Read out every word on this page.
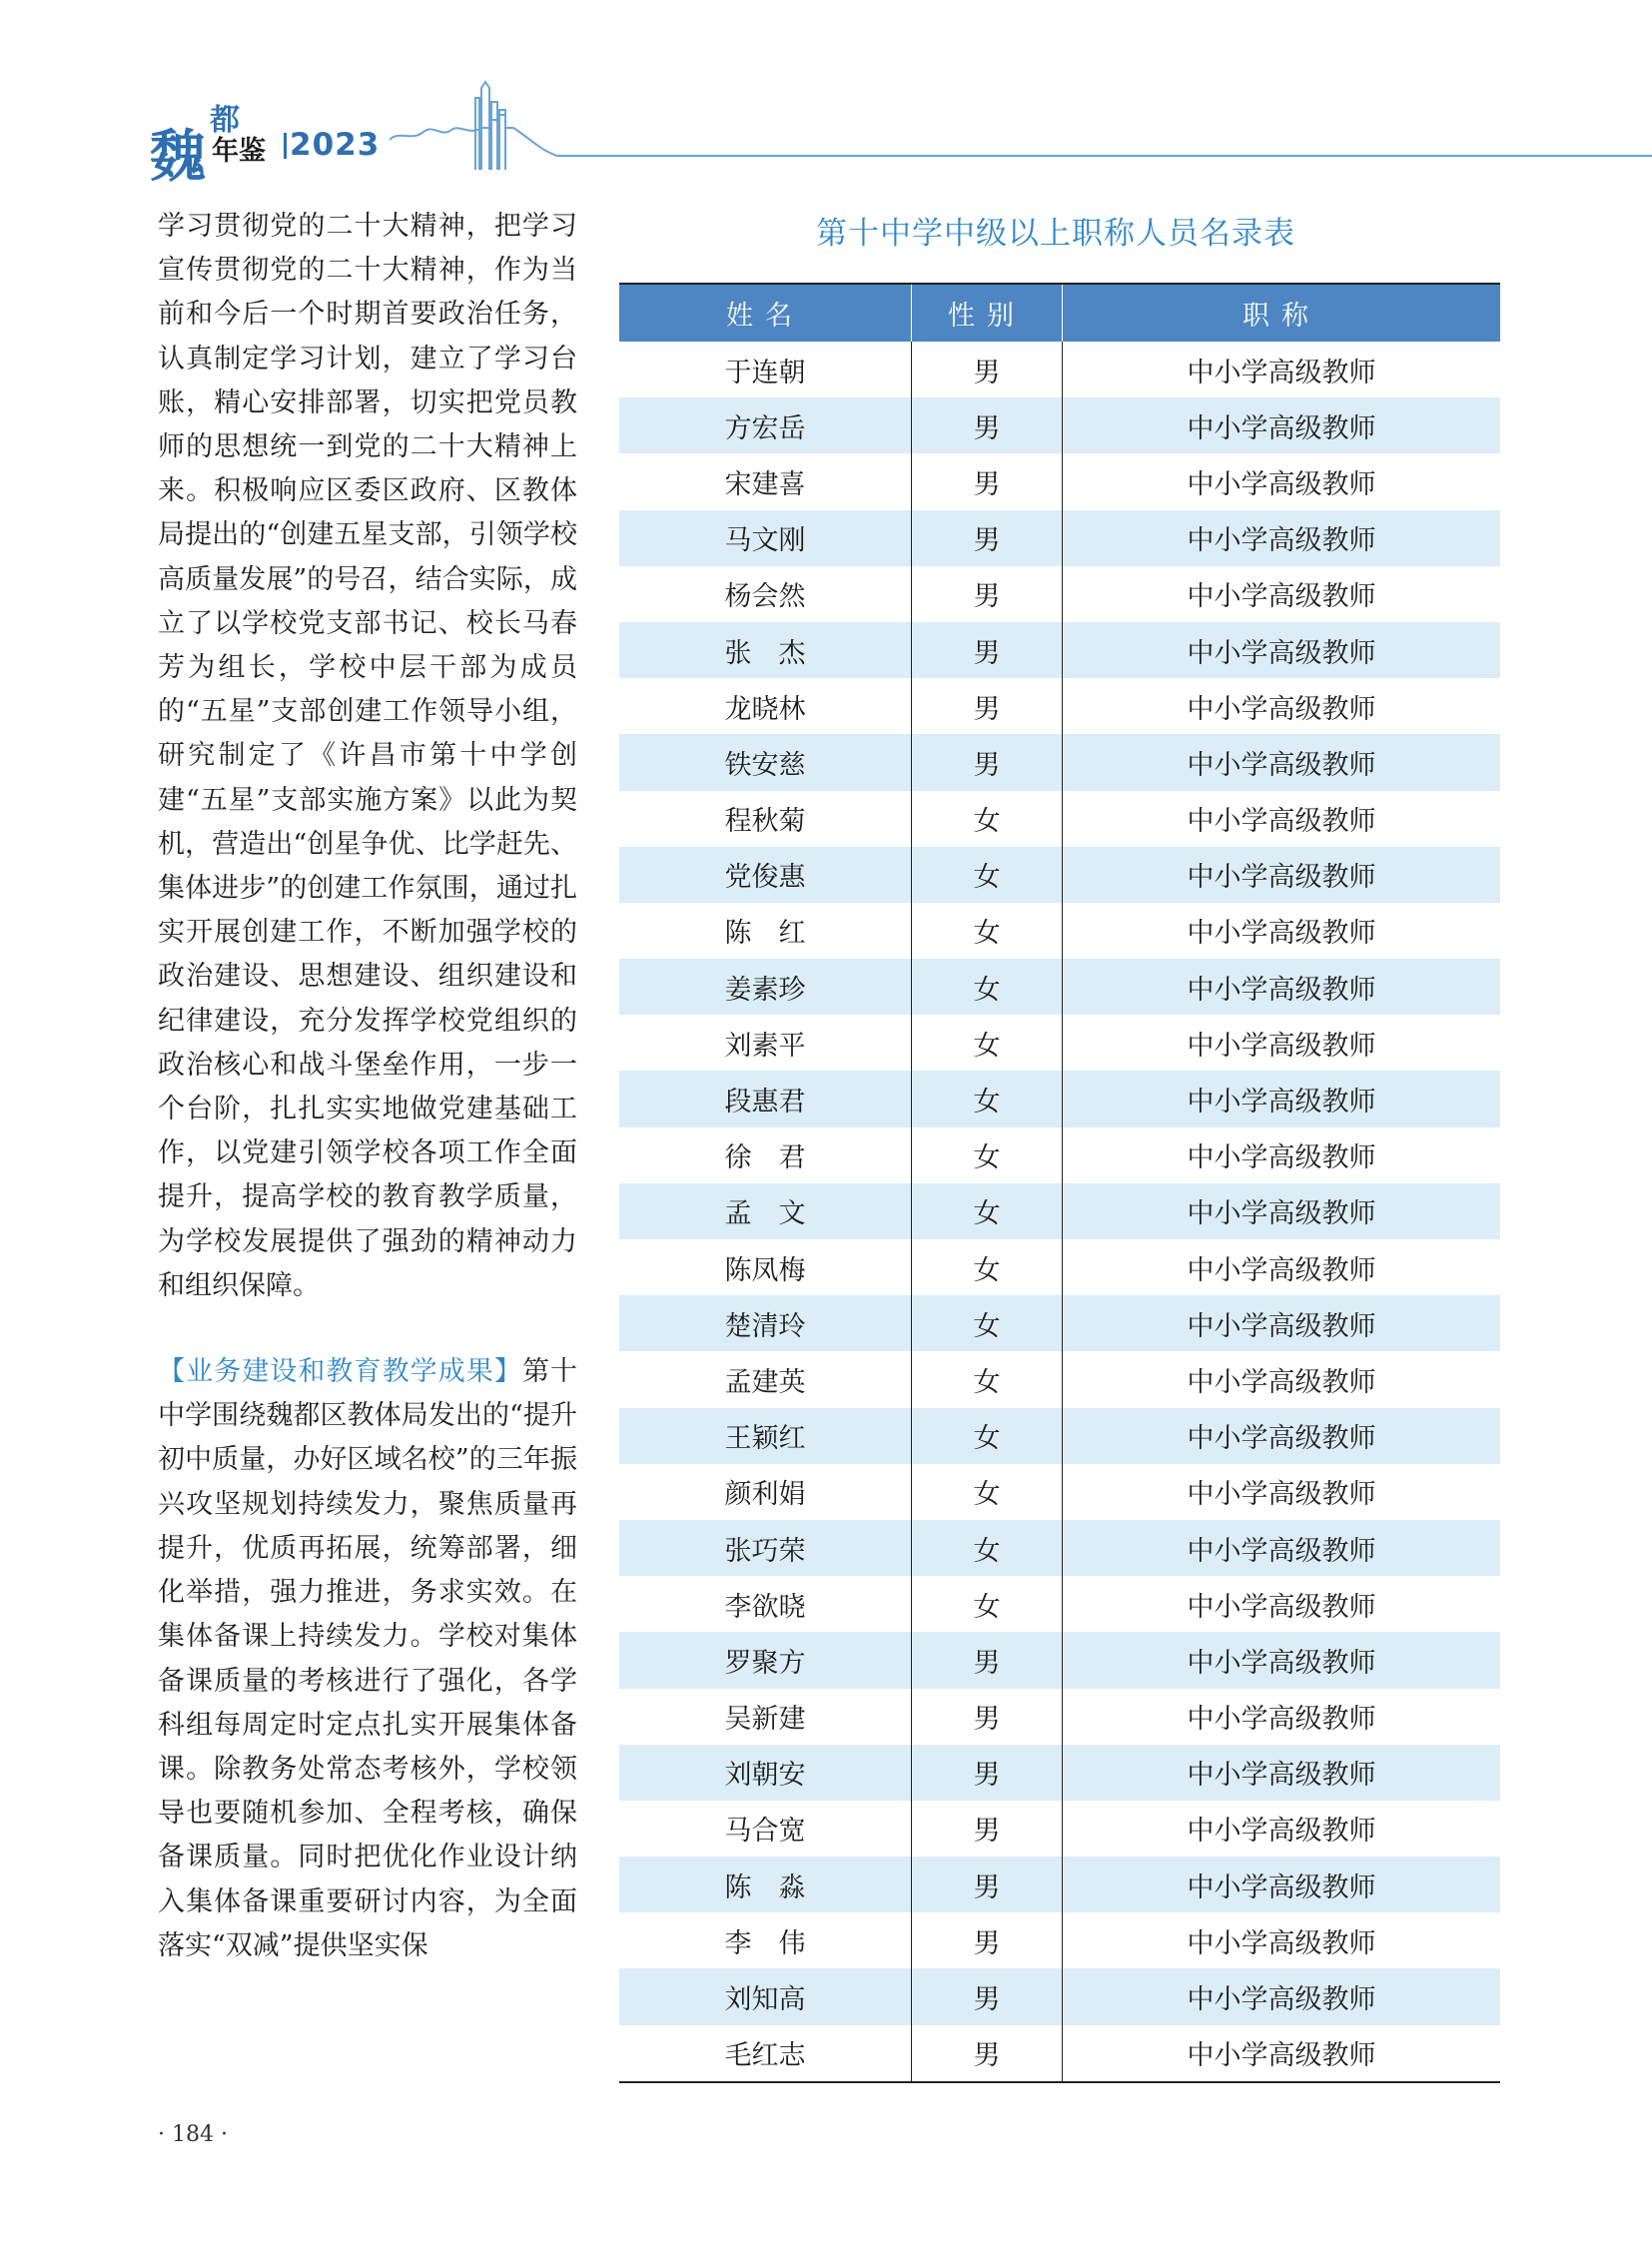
魏
都
年鉴 2023

学习贯彻党的二十大精神，把学习宣传贯彻党的二十大精神，作为当前和今后一个时期首要政治任务，认真制定学习计划，建立了学习台账，精心安排部署，切实把党员教师的思想统一到党的二十大精神上来。积极响应区委区政府、区教体局提出的“创建五星支部，引领学校高质量发展”的号召，结合实际，成立了以学校党支部书记、校长马春芳为组长，学校中层干部为成员的“五星”支部创建工作领导小组，研究制定了《许昌市第十中学创建“五星”支部实施方案》以此为契机，营造出“创星争优、比学赶先、集体进步”的创建工作氛围，通过扎实开展创建工作，不断加强学校的政治建设、思想建设、组织建设和纪律建设，充分发挥学校党组织的政治核心和战斗堡垒作用，一步一个台阶，扎扎实实地做党建基础工作，以党建引领学校各项工作全面提升，提高学校的教育教学质量，为学校发展提供了强劲的精神动力和组织保障。

【业务建设和教育教学成果】第十中学围绕魏都区教体局发出的“提升初中质量，办好区域名校”的三年振兴攻坚规划持续发力，聚焦质量再提升，优质再拓展，统筹部署，细化举措，强力推进，务求实效。在集体备课上持续发力。学校对集体备课质量的考核进行了强化，各学科组每周定时定点扎实开展集体备课。除教务处常态考核外，学校领导也要随机参加、全程考核，确保备课质量。同时把优化作业设计纳入集体备课重要研讨内容，为全面落实“双减”提供坚实保

第十中学中级以上职称人员名录表
姓名	性别	职称
于连朝	男	中小学高级教师
方宏岳	男	中小学高级教师
宋建喜	男	中小学高级教师
马文刚	男	中小学高级教师
杨会然	男	中小学高级教师
张　杰	男	中小学高级教师
龙晓林	男	中小学高级教师
铁安慈	男	中小学高级教师
程秋菊	女	中小学高级教师
党俊惠	女	中小学高级教师
陈　红	女	中小学高级教师
姜素珍	女	中小学高级教师
刘素平	女	中小学高级教师
段惠君	女	中小学高级教师
徐　君	女	中小学高级教师
孟　文	女	中小学高级教师
陈凤梅	女	中小学高级教师
楚清玲	女	中小学高级教师
孟建英	女	中小学高级教师
王颖红	女	中小学高级教师
颜利娟	女	中小学高级教师
张巧荣	女	中小学高级教师
李欲晓	女	中小学高级教师
罗聚方	男	中小学高级教师
吴新建	男	中小学高级教师
刘朝安	男	中小学高级教师
马合宽	男	中小学高级教师
陈　淼	男	中小学高级教师
李　伟	男	中小学高级教师
刘知高	男	中小学高级教师
毛红志	男	中小学高级教师
· 184 ·
